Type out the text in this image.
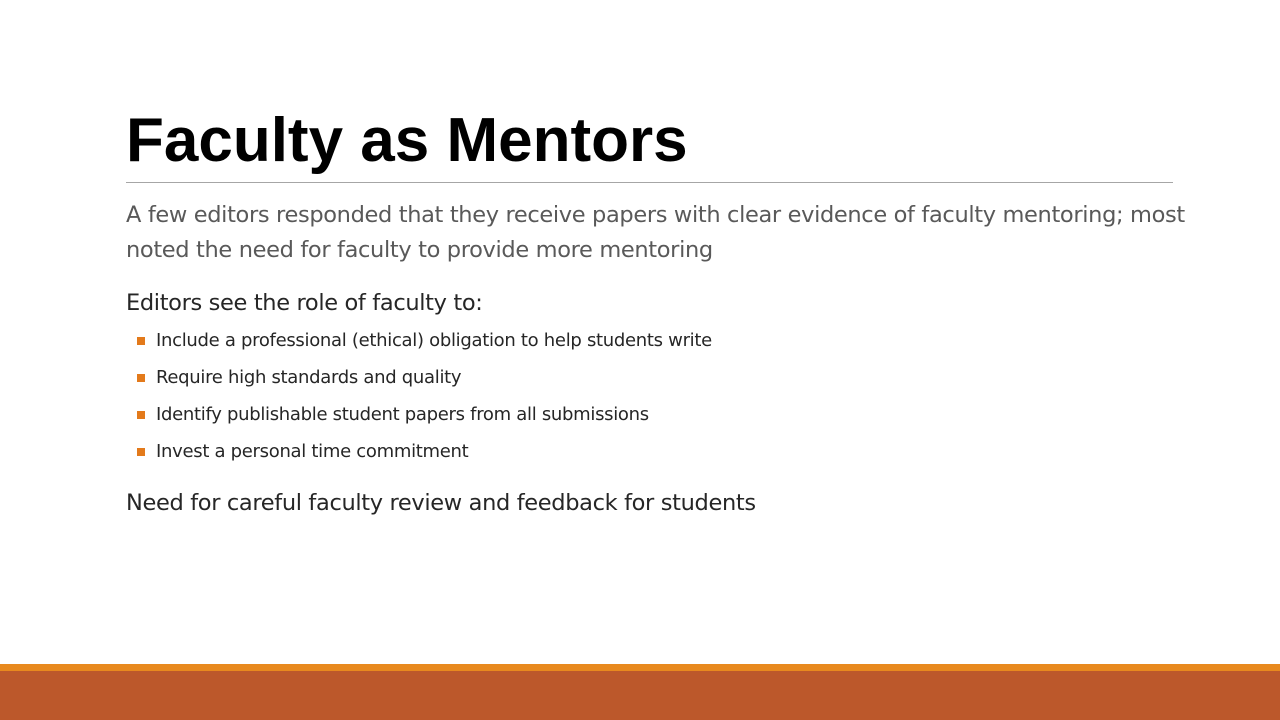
Faculty as Mentors

A few editors responded that they receive papers with clear evidence of faculty mentoring; most noted the need for faculty to provide more mentoring

Editors see the role of faculty to:

Include a professional (ethical) obligation to help students write
Require high standards and quality
Identify publishable student papers from all submissions
Invest a personal time commitment

Need for careful faculty review and feedback for students
